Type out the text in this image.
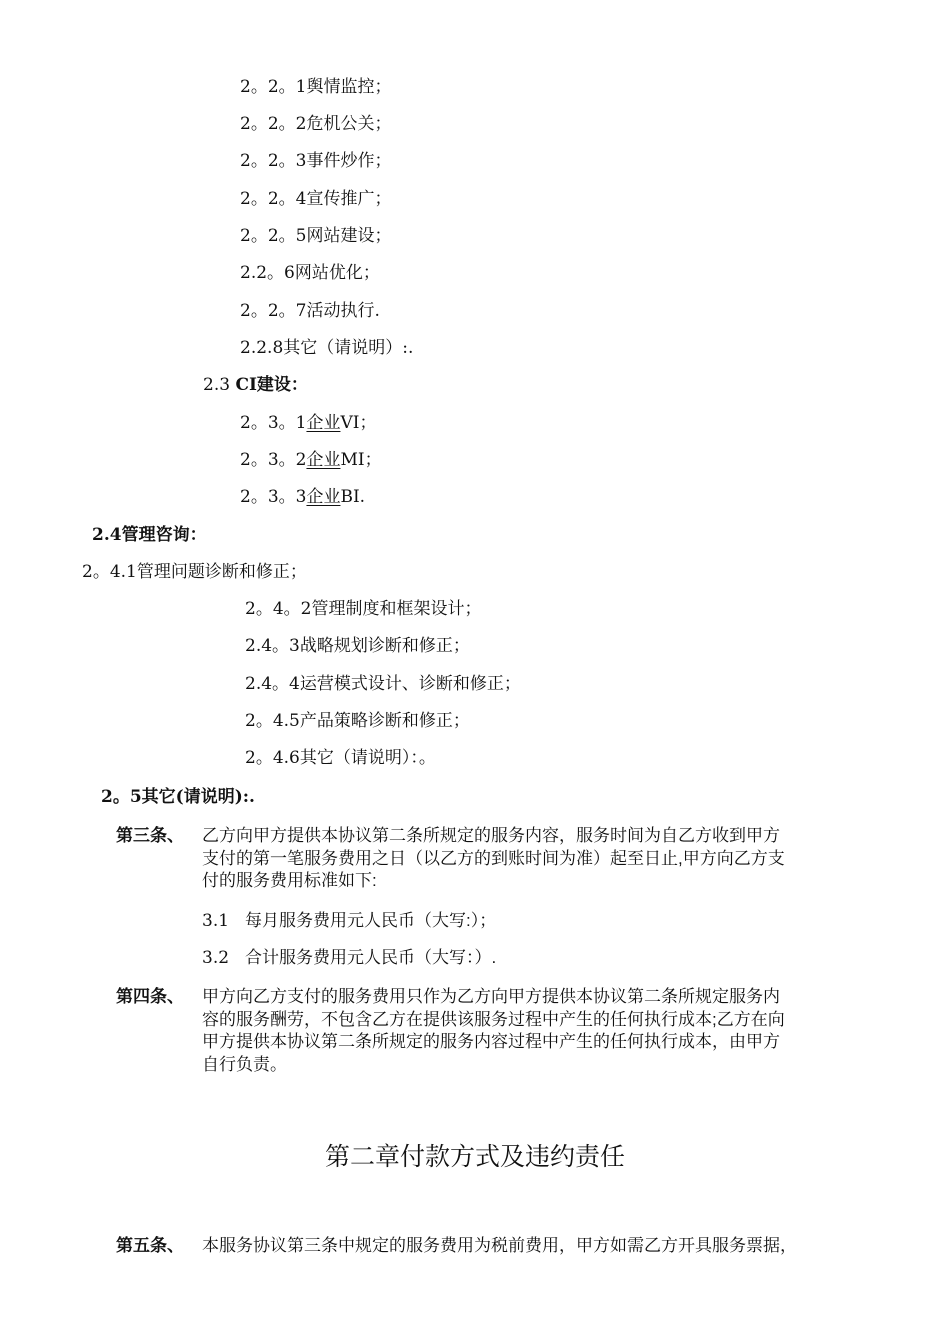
2。2。1舆情监控；
2。2。2危机公关；
2。2。3事件炒作；
2。2。4宣传推广；
2。2。5网站建设；
2.2。6网站优化；
2。2。7活动执行.
2.2.8其它（请说明）:.
2.3 CI建设：
2。3。1企业VI；
2。3。2企业MI；
2。3。3企业BI.
2.4管理咨询：
2。4.1管理问题诊断和修正；
2。4。2管理制度和框架设计；
2.4。3战略规划诊断和修正；
2.4。4运营模式设计、诊断和修正；
2。4.5产品策略诊断和修正；
2。4.6其它（请说明）：。
2。5其它(请说明):.
第三条、 乙方向甲方提供本协议第二条所规定的服务内容，服务时间为自乙方收到甲方

支付的第一笔服务费用之日（以乙方的到账时间为准）起至日止,甲方向乙方支

付的服务费用标准如下:

3.1 每月服务费用元人民币（大写:）；
3.2 合计服务费用元人民币（大写：）.
第四条、 甲方向乙方支付的服务费用只作为乙方向甲方提供本协议第二条所规定服务内

容的服务酬劳，不包含乙方在提供该服务过程中产生的任何执行成本;乙方在向

甲方提供本协议第二条所规定的服务内容过程中产生的任何执行成本，由甲方

自行负责。

第二章付款方式及违约责任
第五条、 本服务协议第三条中规定的服务费用为税前费用，甲方如需乙方开具服务票据，
